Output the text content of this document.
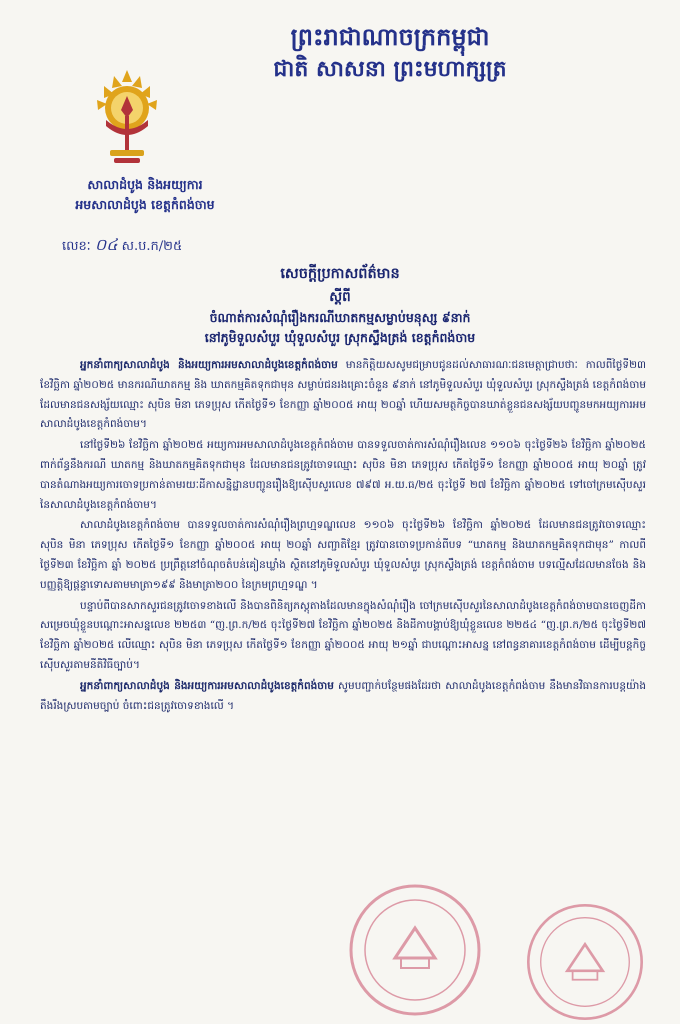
ព្រះរាជាណាចក្រកម្ពុជា
ជាតិ សាសនា ព្រះមហាក្សត្រ
សាលាដំបូង និងអយ្យការ
អមសាលាដំបូង ខេត្តកំពង់ចាម
លេខៈ ០៤ ស.ប.ក/២៥
សេចក្តីប្រកាសព័ត៌មាន
ស្តីពី
ចំណាត់ការសំណុំរឿងករណីឃាតកម្មសម្លាប់មនុស្ស ៩នាក់
នៅភូមិទួលសំបួរ ឃុំទួលសំបួរ ស្រុកស្ទឹងត្រង់ ខេត្តកំពង់ចាម

អ្នកនាំពាក្យសាលាដំបូង និងអយ្យការអមសាលាដំបូងខេត្តកំពង់ចាម មានកិត្តិយសសូមជម្រាបជូនដល់សាធារណៈជនមេត្តាជ្រាបថាៈ កាលពីថ្ងៃទី២៣ ខែវិច្ឆិកា ឆ្នាំ២០២៥ មានករណីឃាតកម្ម និង ឃាតកម្មគិតទុកជាមុន សម្លាប់ជនរងគ្រោះចំនួន ៩នាក់ នៅភូមិទួលសំបួរ ឃុំទួលសំបួរ ស្រុកស្ទឹងត្រង់ ខេត្តកំពង់ចាម ដែលមានជនសង្ស័យឈ្មោះ សុបិន មិនា ភេទប្រុស កើតថ្ងៃទី១ ខែកញ្ញា ឆ្នាំ២០០៥ អាយុ ២០ឆ្នាំ ហើយសមត្ថកិច្ចបានឃាត់ខ្លួនជនសង្ស័យបញ្ជូនមកអយ្យការអមសាលាដំបូងខេត្តកំពង់ចាម។

នៅថ្ងៃទី២៦ ខែវិច្ឆិកា ឆ្នាំ២០២៥ អយ្យការអមសាលាដំបូងខេត្តកំពង់ចាម បានទទួលចាត់ការសំណុំរឿងលេខ ១១០៦ ចុះថ្ងៃទី២៦ ខែវិច្ឆិកា ឆ្នាំ២០២៥ ពាក់ព័ន្ធនឹងករណី ឃាតកម្ម និងឃាតកម្មគិតទុកជាមុន ដែលមានជនត្រូវចោទឈ្មោះ សុបិន មិនា ភេទប្រុស កើតថ្ងៃទី១ ខែកញ្ញា ឆ្នាំ២០០៥ អាយុ ២០ឆ្នាំ ត្រូវបានតំណាងអយ្យការចោទប្រកាន់តាមរយៈដីកាសន្និដ្ឋានបញ្ជូនរឿងឱ្យស៊ើបសួរលេខ ៧៩៧ អ.យ.ធ/២៥ ចុះថ្ងៃទី ២៧ ខែវិច្ឆិកា ឆ្នាំ២០២៥ ទៅចៅក្រមស៊ើបសួរនៃសាលាដំបូងខេត្តកំពង់ចាម។

សាលាដំបូងខេត្តកំពង់ចាម បានទទួលចាត់ការសំណុំរឿងព្រហ្មទណ្ឌលេខ ១១០៦ ចុះថ្ងៃទី២៦ ខែវិច្ឆិកា ឆ្នាំ២០២៥ ដែលមានជនត្រូវចោទឈ្មោះ សុបិន មិនា ភេទប្រុស កើតថ្ងៃទី១ ខែកញ្ញា ឆ្នាំ២០០៥ អាយុ ២០ឆ្នាំ សញ្ជាតិខ្មែរ ត្រូវបានចោទប្រកាន់ពីបទ “ឃាតកម្ម និងឃាតកម្មគិតទុកជាមុន” កាលពីថ្ងៃទី២៣ ខែវិច្ឆិកា ឆ្នាំ ២០២៥ ប្រព្រឹត្តនៅចំណុចតំបន់គៀនឃ្លាំង ស្ថិតនៅភូមិទួលសំបួរ ឃុំទួលសំបួរ ស្រុកស្ទឹងត្រង់ ខេត្តកំពង់ចាម បទល្មើសដែលមានចែង និងបញ្ញត្តិឱ្យផ្តន្ទាទោសតាមមាត្រា១៩៩ និងមាត្រា២០០ នៃក្រមព្រហ្មទណ្ឌ ។

បន្ទាប់ពីបានសាកសួរជនត្រូវចោទខាងលើ និងបានពិនិត្យភស្តុតាងដែលមានក្នុងសំណុំរឿង ចៅក្រមស៊ើបសួរនៃសាលាដំបូងខេត្តកំពង់ចាមបានចេញដីកាសម្រេចឃុំខ្លួនបណ្តោះអាសន្នលេខ ២២៥៣ “ញ.ព្រ.ក/២៥ ចុះថ្ងៃទី២៧ ខែវិច្ឆិកា ឆ្នាំ២០២៥ និងដីកាបង្គាប់ឱ្យឃុំខ្លួនលេខ ២២៥៤ “ញ.ព្រ.ក/២៥ ចុះថ្ងៃទី២៧ ខែវិច្ឆិកា ឆ្នាំ២០២៥ លើឈ្មោះ សុបិន មិនា ភេទប្រុស កើតថ្ងៃទី១ ខែកញ្ញា ឆ្នាំ២០០៥ អាយុ ២១ឆ្នាំ ជាបណ្តោះអាសន្ន នៅពន្ធនាគារខេត្តកំពង់ចាម ដើម្បីបន្តកិច្ចស៊ើបសួរតាមនីតិវិធីច្បាប់។

អ្នកនាំពាក្យសាលាដំបូង និងអយ្យការអមសាលាដំបូងខេត្តកំពង់ចាម សូមបញ្ជាក់បន្ថែមផងដែរថា សាលាដំបូងខេត្តកំពង់ចាម នឹងមានវិធានការបន្តយ៉ាងតឹងរឹងស្របតាមច្បាប់ ចំពោះជនត្រូវចោទខាងលើ ។
